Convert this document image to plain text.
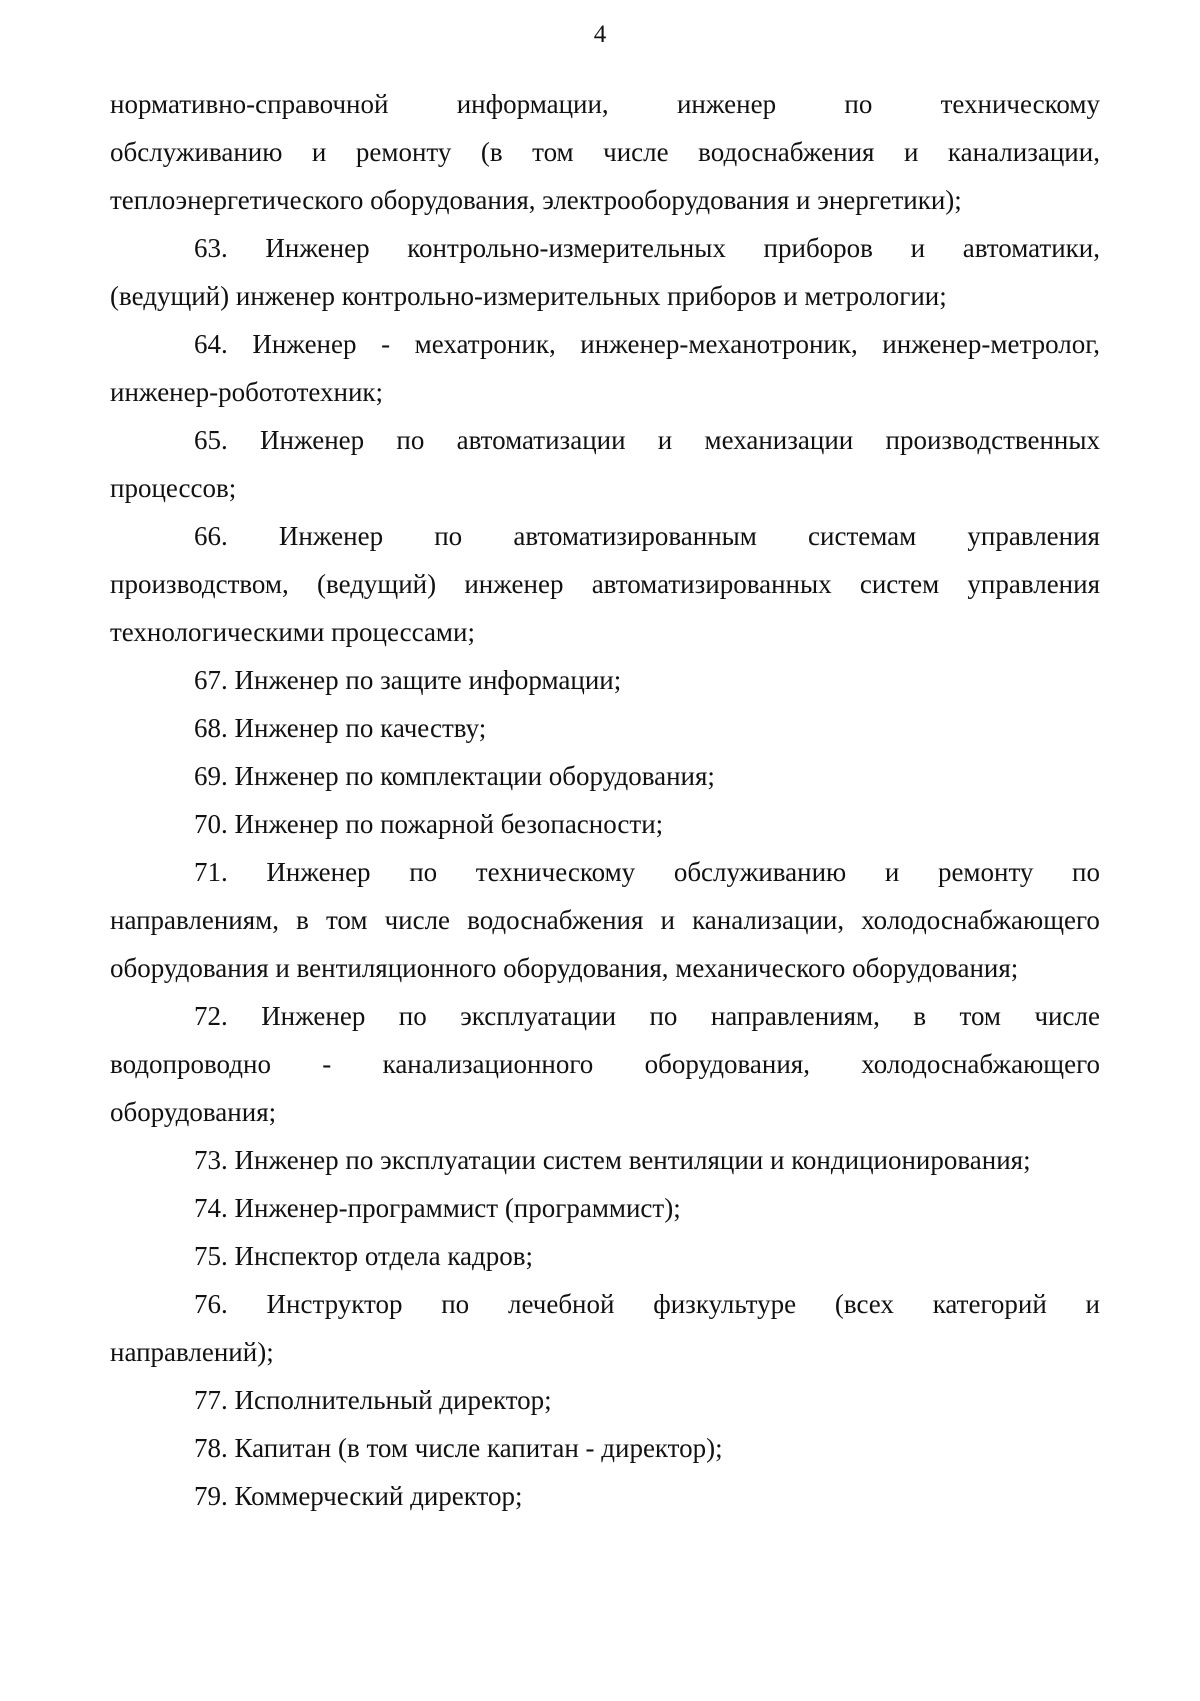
4
нормативно-справочной	информации,	инженер	по	техническому
обслуживанию и ремонту (в том числе водоснабжения и канализации,
теплоэнергетического оборудования, электрооборудования и энергетики);
63. Инженер контрольно-измерительных приборов и автоматики,
(ведущий) инженер контрольно-измерительных приборов и метрологии;
64. Инженер - мехатроник, инженер-механотроник, инженер-метролог,
инженер-робототехник;
65. Инженер по автоматизации и механизации производственных
процессов;
66. Инженер по автоматизированным системам управления
производством, (ведущий) инженер автоматизированных систем управления
технологическими процессами;
67. Инженер по защите информации;
68. Инженер по качеству;
69. Инженер по комплектации оборудования;
70. Инженер по пожарной безопасности;
71. Инженер по техническому обслуживанию и ремонту по
направлениям, в том числе водоснабжения и канализации, холодоснабжающего
оборудования и вентиляционного оборудования, механического оборудования;
72. Инженер по эксплуатации по направлениям, в том числе
водопроводно - канализационного оборудования, холодоснабжающего
оборудования;
73. Инженер по эксплуатации систем вентиляции и кондиционирования;
74. Инженер-программист (программист);
75. Инспектор отдела кадров;
76. Инструктор по лечебной физкультуре (всех категорий и
направлений);
77. Исполнительный директор;
78. Капитан (в том числе капитан - директор);
79. Коммерческий директор;
